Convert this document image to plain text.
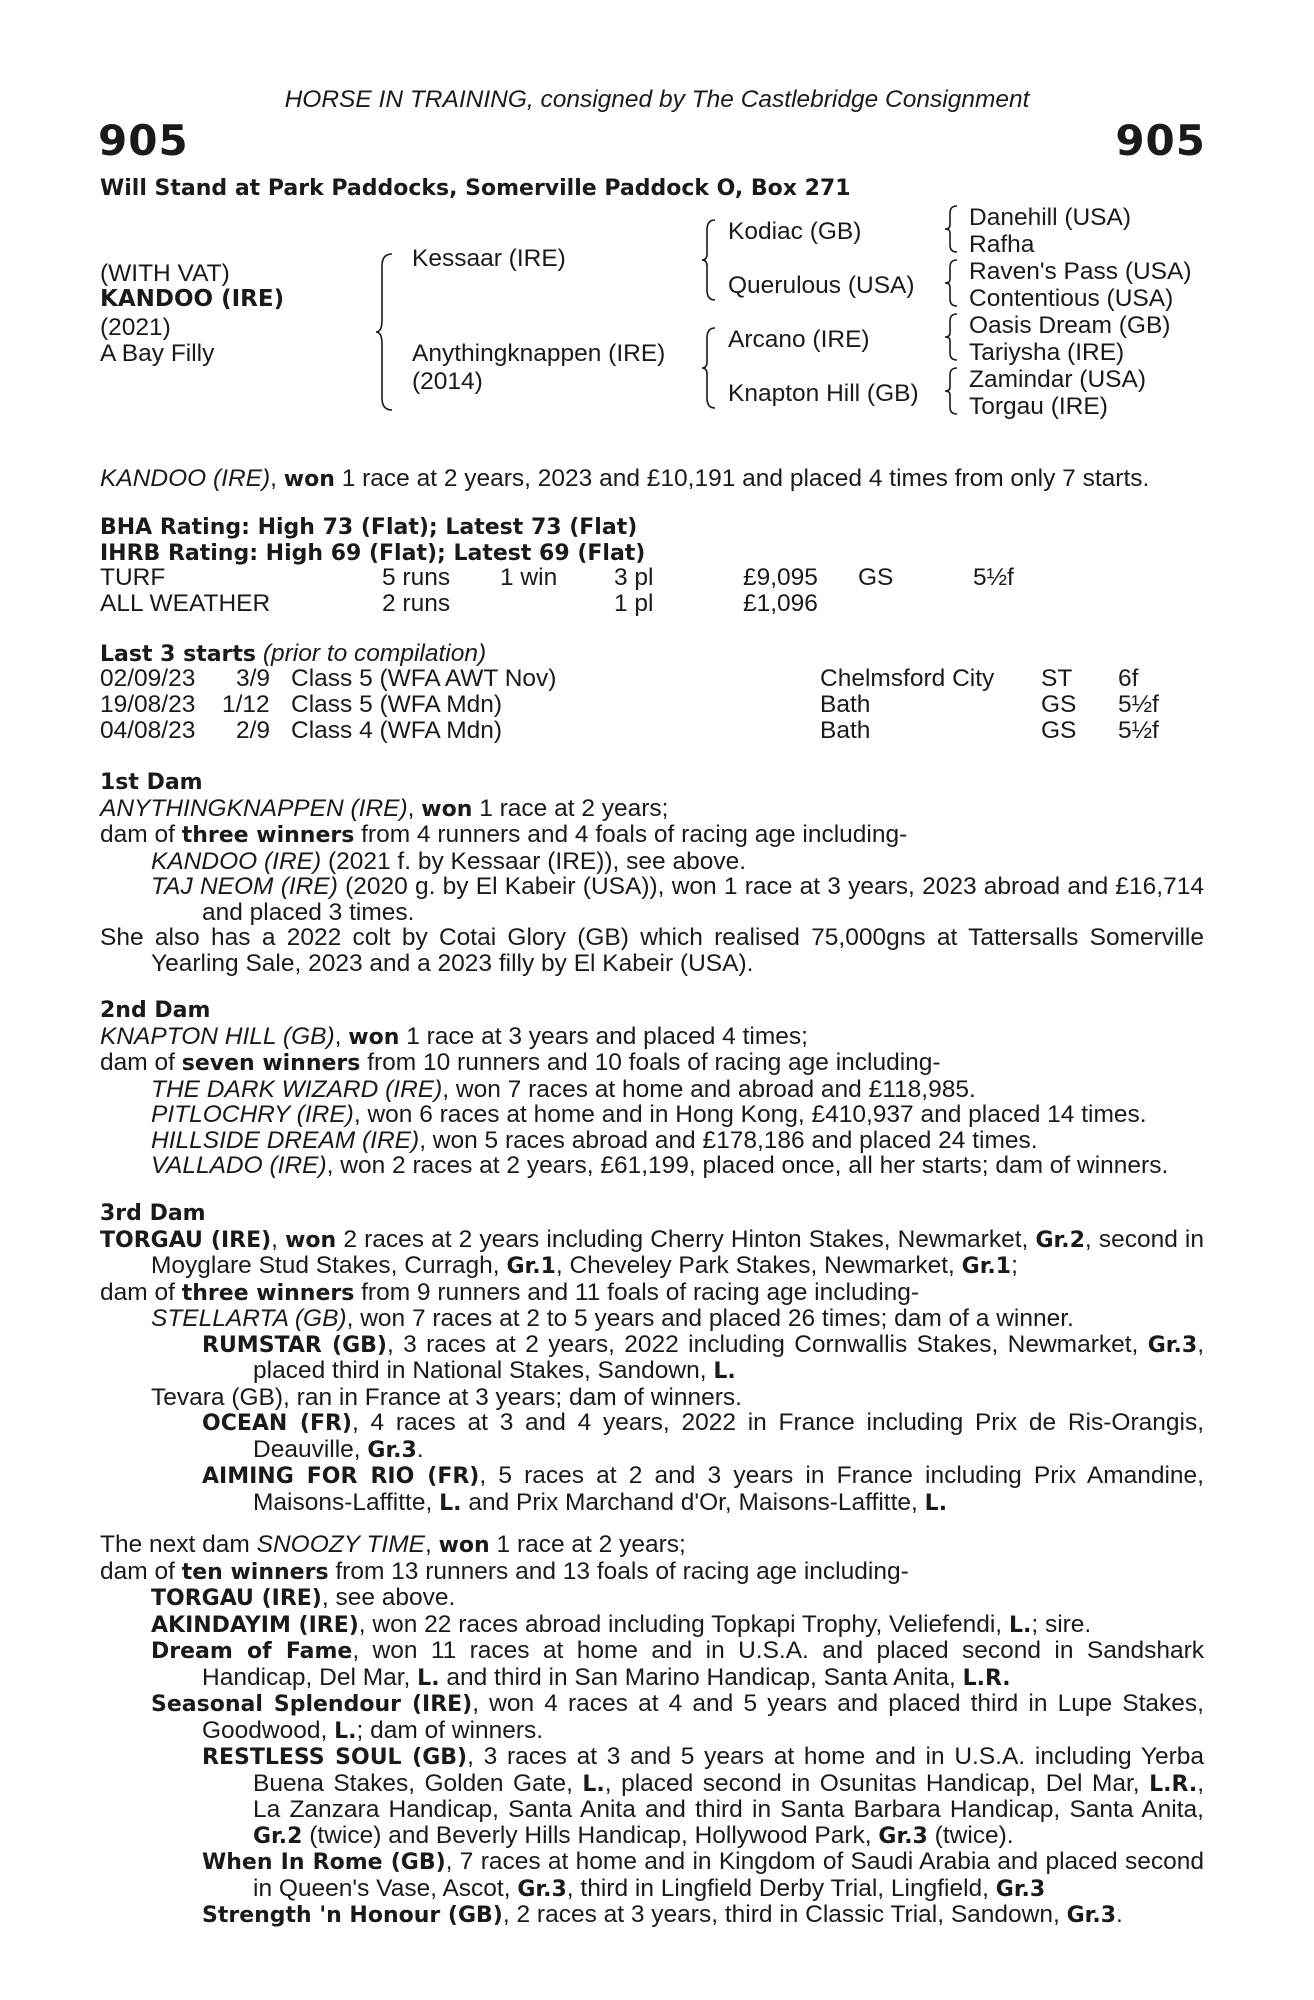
HORSE IN TRAINING, consigned by The Castlebridge Consignment
905	905
Will Stand at Park Paddocks, Somerville Paddock O, Box 271
(WITH VAT)
KANDOO (IRE)
(2021)
A Bay Filly
Kessaar (IRE)
Anythingknappen (IRE)
(2014)
Kodiac (GB)
Querulous (USA)
Arcano (IRE)
Knapton Hill (GB)
Danehill (USA)
Rafha
Raven's Pass (USA)
Contentious (USA)
Oasis Dream (GB)
Tariysha (IRE)
Zamindar (USA)
Torgau (IRE)
KANDOO (IRE), won 1 race at 2 years, 2023 and £10,191 and placed 4 times from only 7 starts.
BHA Rating: High 73 (Flat); Latest 73 (Flat)
IHRB Rating: High 69 (Flat); Latest 69 (Flat)
TURF	5 runs 1 win 3 pl	£9,095 GS	5½f
ALL WEATHER	2 runs	1 pl	£1,096
Last 3 starts (prior to compilation)
02/09/23 3/9 Class 5 (WFA AWT Nov)	Chelmsford City ST 6f
19/08/23 1/12 Class 5 (WFA Mdn)	Bath	GS 5½f
04/08/23 2/9 Class 4 (WFA Mdn)	Bath	GS 5½f

1st Dam

ANYTHINGKNAPPEN (IRE), won 1 race at 2 years;

dam of three winners from 4 runners and 4 foals of racing age including-

KANDOO (IRE) (2021 f. by Kessaar (IRE)), see above.

TAJ NEOM (IRE) (2020 g. by El Kabeir (USA)), won 1 race at 3 years, 2023 abroad and £16,714 and placed 3 times.

She also has a 2022 colt by Cotai Glory (GB) which realised 75,000gns at Tattersalls Somerville Yearling Sale, 2023 and a 2023 filly by El Kabeir (USA).

2nd Dam

KNAPTON HILL (GB), won 1 race at 3 years and placed 4 times;

dam of seven winners from 10 runners and 10 foals of racing age including-

THE DARK WIZARD (IRE), won 7 races at home and abroad and £118,985.

PITLOCHRY (IRE), won 6 races at home and in Hong Kong, £410,937 and placed 14 times.

HILLSIDE DREAM (IRE), won 5 races abroad and £178,186 and placed 24 times.

VALLADO (IRE), won 2 races at 2 years, £61,199, placed once, all her starts; dam of winners.

3rd Dam

TORGAU (IRE), won 2 races at 2 years including Cherry Hinton Stakes, Newmarket, Gr.2, second in Moyglare Stud Stakes, Curragh, Gr.1, Cheveley Park Stakes, Newmarket, Gr.1;

dam of three winners from 9 runners and 11 foals of racing age including-

STELLARTA (GB), won 7 races at 2 to 5 years and placed 26 times; dam of a winner.

RUMSTAR (GB), 3 races at 2 years, 2022 including Cornwallis Stakes, Newmarket, Gr.3, placed third in National Stakes, Sandown, L.

Tevara (GB), ran in France at 3 years; dam of winners.

OCEAN (FR), 4 races at 3 and 4 years, 2022 in France including Prix de Ris-Orangis, Deauville, Gr.3.

AIMING FOR RIO (FR), 5 races at 2 and 3 years in France including Prix Amandine, Maisons-Laffitte, L. and Prix Marchand d'Or, Maisons-Laffitte, L.

The next dam SNOOZY TIME, won 1 race at 2 years;

dam of ten winners from 13 runners and 13 foals of racing age including-

TORGAU (IRE), see above.

AKINDAYIM (IRE), won 22 races abroad including Topkapi Trophy, Veliefendi, L.; sire.

Dream of Fame, won 11 races at home and in U.S.A. and placed second in Sandshark Handicap, Del Mar, L. and third in San Marino Handicap, Santa Anita, L.R.

Seasonal Splendour (IRE), won 4 races at 4 and 5 years and placed third in Lupe Stakes, Goodwood, L.; dam of winners.

RESTLESS SOUL (GB), 3 races at 3 and 5 years at home and in U.S.A. including Yerba Buena Stakes, Golden Gate, L., placed second in Osunitas Handicap, Del Mar, L.R., La Zanzara Handicap, Santa Anita and third in Santa Barbara Handicap, Santa Anita, Gr.2 (twice) and Beverly Hills Handicap, Hollywood Park, Gr.3 (twice).

When In Rome (GB), 7 races at home and in Kingdom of Saudi Arabia and placed second in Queen's Vase, Ascot, Gr.3, third in Lingfield Derby Trial, Lingfield, Gr.3

Strength 'n Honour (GB), 2 races at 3 years, third in Classic Trial, Sandown, Gr.3.
